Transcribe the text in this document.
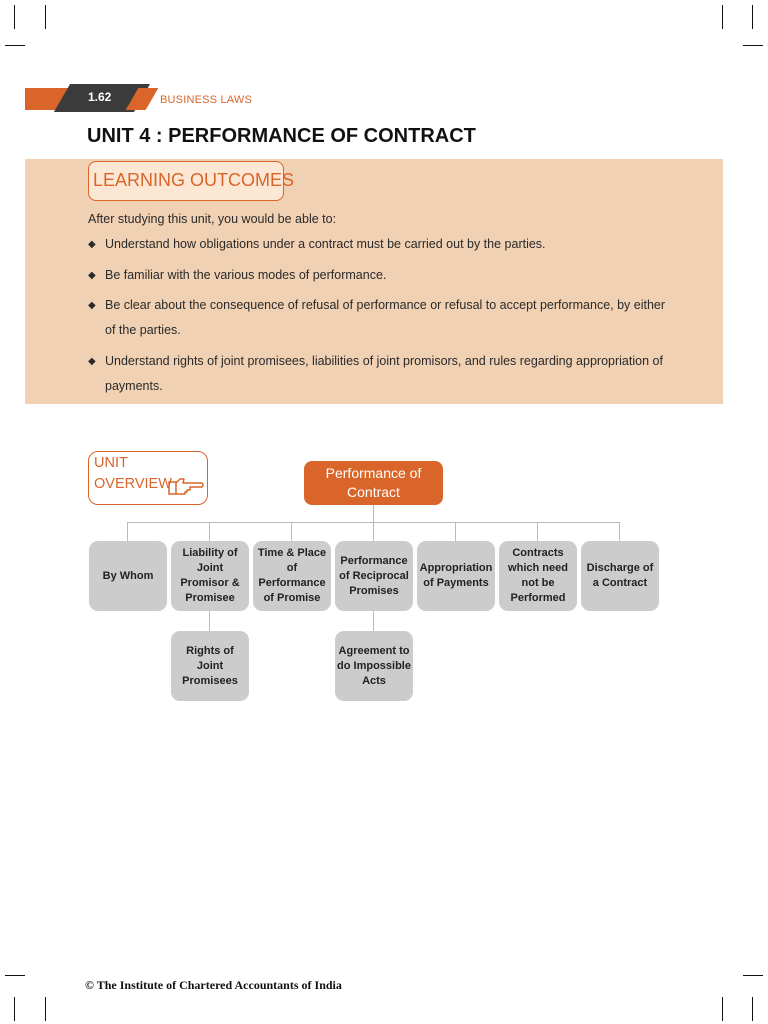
1.62	BUSINESS LAWS
UNIT 4 : PERFORMANCE OF CONTRACT
LEARNING OUTCOMES
After studying this unit, you would be able to:
◆ Understand how obligations under a contract must be carried out by the parties.
◆ Be familiar with the various modes of performance.
◆ Be clear about the consequence of refusal of performance or refusal to accept performance, by either of the parties.
◆ Understand rights of joint promisees, liabilities of joint promisors, and rules regarding appropriation of payments.
UNIT
OVERVIEW
Performance of Contract
By Whom
Liability of Joint Promisor & Promisee
Time & Place of Performance of Promise
Performance of Reciprocal Promises
Appropriation of Payments
Contracts which need not be Performed
Discharge of a Contract
Rights of Joint Promisees
Agreement to do Impossible Acts
© The Institute of Chartered Accountants of India
